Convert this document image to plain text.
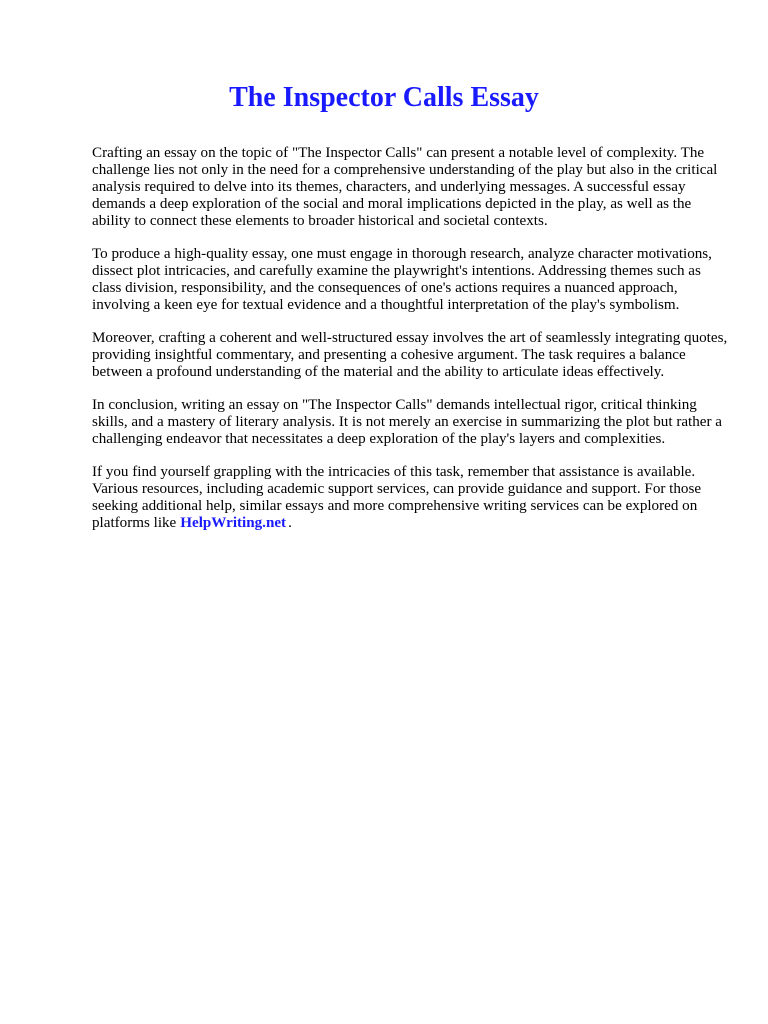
The Inspector Calls Essay

Crafting an essay on the topic of "The Inspector Calls" can present a notable level of complexity. The challenge lies not only in the need for a comprehensive understanding of the play but also in the critical analysis required to delve into its themes, characters, and underlying messages. A successful essay demands a deep exploration of the social and moral implications depicted in the play, as well as the ability to connect these elements to broader historical and societal contexts.

To produce a high-quality essay, one must engage in thorough research, analyze character motivations, dissect plot intricacies, and carefully examine the playwright's intentions. Addressing themes such as class division, responsibility, and the consequences of one's actions requires a nuanced approach, involving a keen eye for textual evidence and a thoughtful interpretation of the play's symbolism.

Moreover, crafting a coherent and well-structured essay involves the art of seamlessly integrating quotes, providing insightful commentary, and presenting a cohesive argument. The task requires a balance between a profound understanding of the material and the ability to articulate ideas effectively.

In conclusion, writing an essay on "The Inspector Calls" demands intellectual rigor, critical thinking skills, and a mastery of literary analysis. It is not merely an exercise in summarizing the plot but rather a challenging endeavor that necessitates a deep exploration of the play's layers and complexities.

If you find yourself grappling with the intricacies of this task, remember that assistance is available. Various resources, including academic support services, can provide guidance and support. For those seeking additional help, similar essays and more comprehensive writing services can be explored on platforms like HelpWriting.net .
